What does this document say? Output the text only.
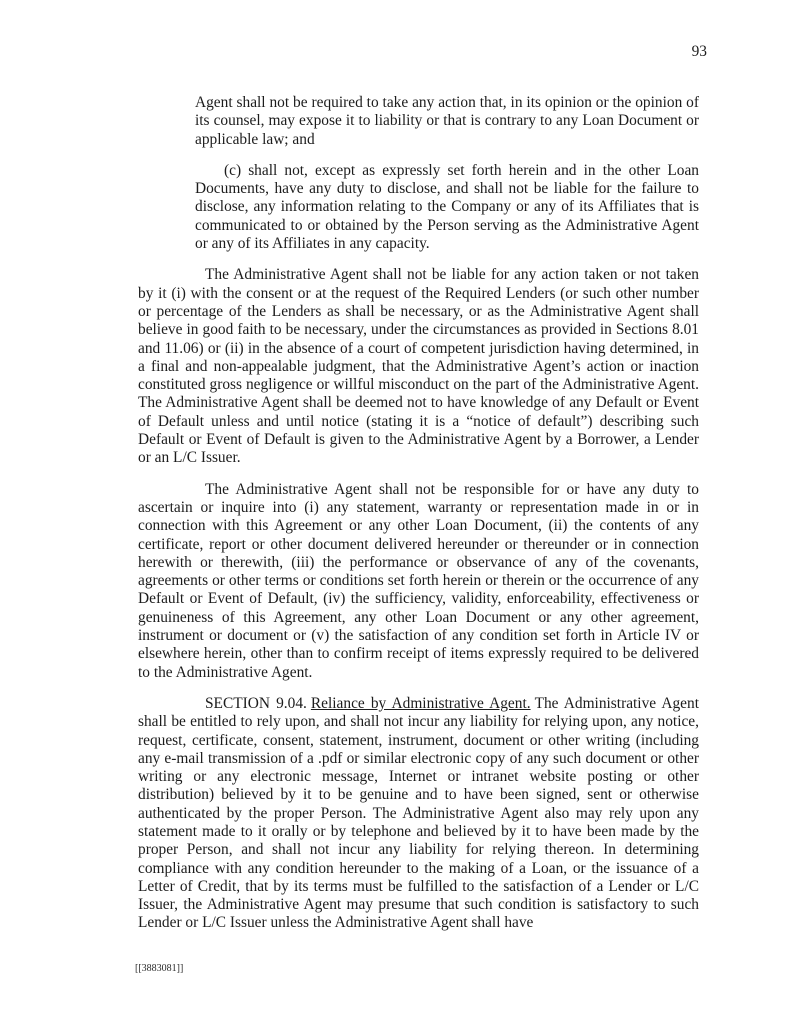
93
Agent shall not be required to take any action that, in its opinion or the opinion of its counsel, may expose it to liability or that is contrary to any Loan Document or applicable law; and
(c) shall not, except as expressly set forth herein and in the other Loan Documents, have any duty to disclose, and shall not be liable for the failure to disclose, any information relating to the Company or any of its Affiliates that is communicated to or obtained by the Person serving as the Administrative Agent or any of its Affiliates in any capacity.
The Administrative Agent shall not be liable for any action taken or not taken by it (i) with the consent or at the request of the Required Lenders (or such other number or percentage of the Lenders as shall be necessary, or as the Administrative Agent shall believe in good faith to be necessary, under the circumstances as provided in Sections 8.01 and 11.06) or (ii) in the absence of a court of competent jurisdiction having determined, in a final and non-appealable judgment, that the Administrative Agent’s action or inaction constituted gross negligence or willful misconduct on the part of the Administrative Agent. The Administrative Agent shall be deemed not to have knowledge of any Default or Event of Default unless and until notice (stating it is a “notice of default”) describing such Default or Event of Default is given to the Administrative Agent by a Borrower, a Lender or an L/C Issuer.
The Administrative Agent shall not be responsible for or have any duty to ascertain or inquire into (i) any statement, warranty or representation made in or in connection with this Agreement or any other Loan Document, (ii) the contents of any certificate, report or other document delivered hereunder or thereunder or in connection herewith or therewith, (iii) the performance or observance of any of the covenants, agreements or other terms or conditions set forth herein or therein or the occurrence of any Default or Event of Default, (iv) the sufficiency, validity, enforceability, effectiveness or genuineness of this Agreement, any other Loan Document or any other agreement, instrument or document or (v) the satisfaction of any condition set forth in Article IV or elsewhere herein, other than to confirm receipt of items expressly required to be delivered to the Administrative Agent.
SECTION 9.04. Reliance by Administrative Agent. The Administrative Agent shall be entitled to rely upon, and shall not incur any liability for relying upon, any notice, request, certificate, consent, statement, instrument, document or other writing (including any e-mail transmission of a .pdf or similar electronic copy of any such document or other writing or any electronic message, Internet or intranet website posting or other distribution) believed by it to be genuine and to have been signed, sent or otherwise authenticated by the proper Person. The Administrative Agent also may rely upon any statement made to it orally or by telephone and believed by it to have been made by the proper Person, and shall not incur any liability for relying thereon. In determining compliance with any condition hereunder to the making of a Loan, or the issuance of a Letter of Credit, that by its terms must be fulfilled to the satisfaction of a Lender or L/C Issuer, the Administrative Agent may presume that such condition is satisfactory to such Lender or L/C Issuer unless the Administrative Agent shall have
[[3883081]]
